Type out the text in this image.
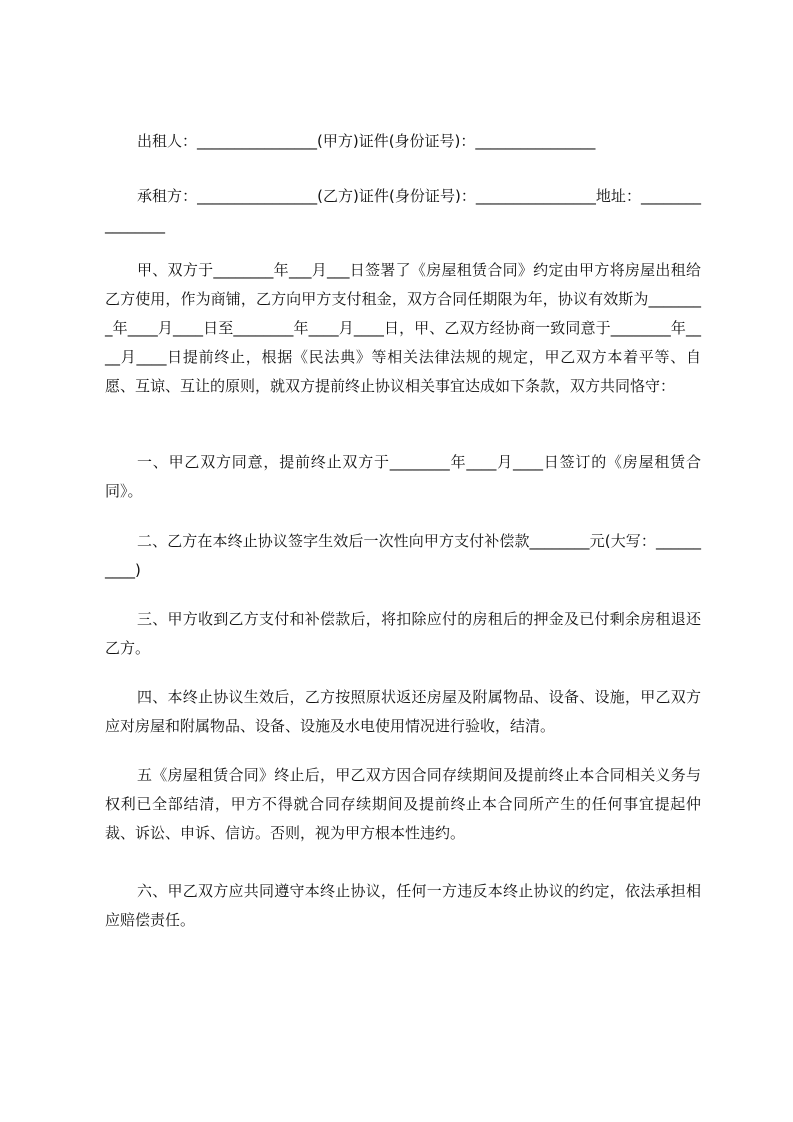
出租人：________________(甲方)证件(身份证号)：________________

承租方：________________(乙方)证件(身份证号)：________________地址：________________

甲、双方于________年___月___日签署了《房屋租赁合同》约定由甲方将房屋出租给乙方使用，作为商铺，乙方向甲方支付租金，双方合同任期限为年，协议有效斯为________年____月____日至________年____月____日，甲、乙双方经协商一致同意于________年____月____日提前终止，根据《民法典》等相关法律法规的规定，甲乙双方本着平等、自愿、互谅、互让的原则，就双方提前终止协议相关事宜达成如下条款，双方共同恪守：

一、甲乙双方同意，提前终止双方于________年____月____日签订的《房屋租赁合同》。

二、乙方在本终止协议签字生效后一次性向甲方支付补偿款________元(大写：__________)

三、甲方收到乙方支付和补偿款后，将扣除应付的房租后的押金及已付剩余房租退还乙方。

四、本终止协议生效后，乙方按照原状返还房屋及附属物品、设备、设施，甲乙双方应对房屋和附属物品、设备、设施及水电使用情况进行验收，结清。

五《房屋租赁合同》终止后，甲乙双方因合同存续期间及提前终止本合同相关义务与权利已全部结清，甲方不得就合同存续期间及提前终止本合同所产生的任何事宜提起仲裁、诉讼、申诉、信访。否则，视为甲方根本性违约。

六、甲乙双方应共同遵守本终止协议，任何一方违反本终止协议的约定，依法承担相应赔偿责任。
